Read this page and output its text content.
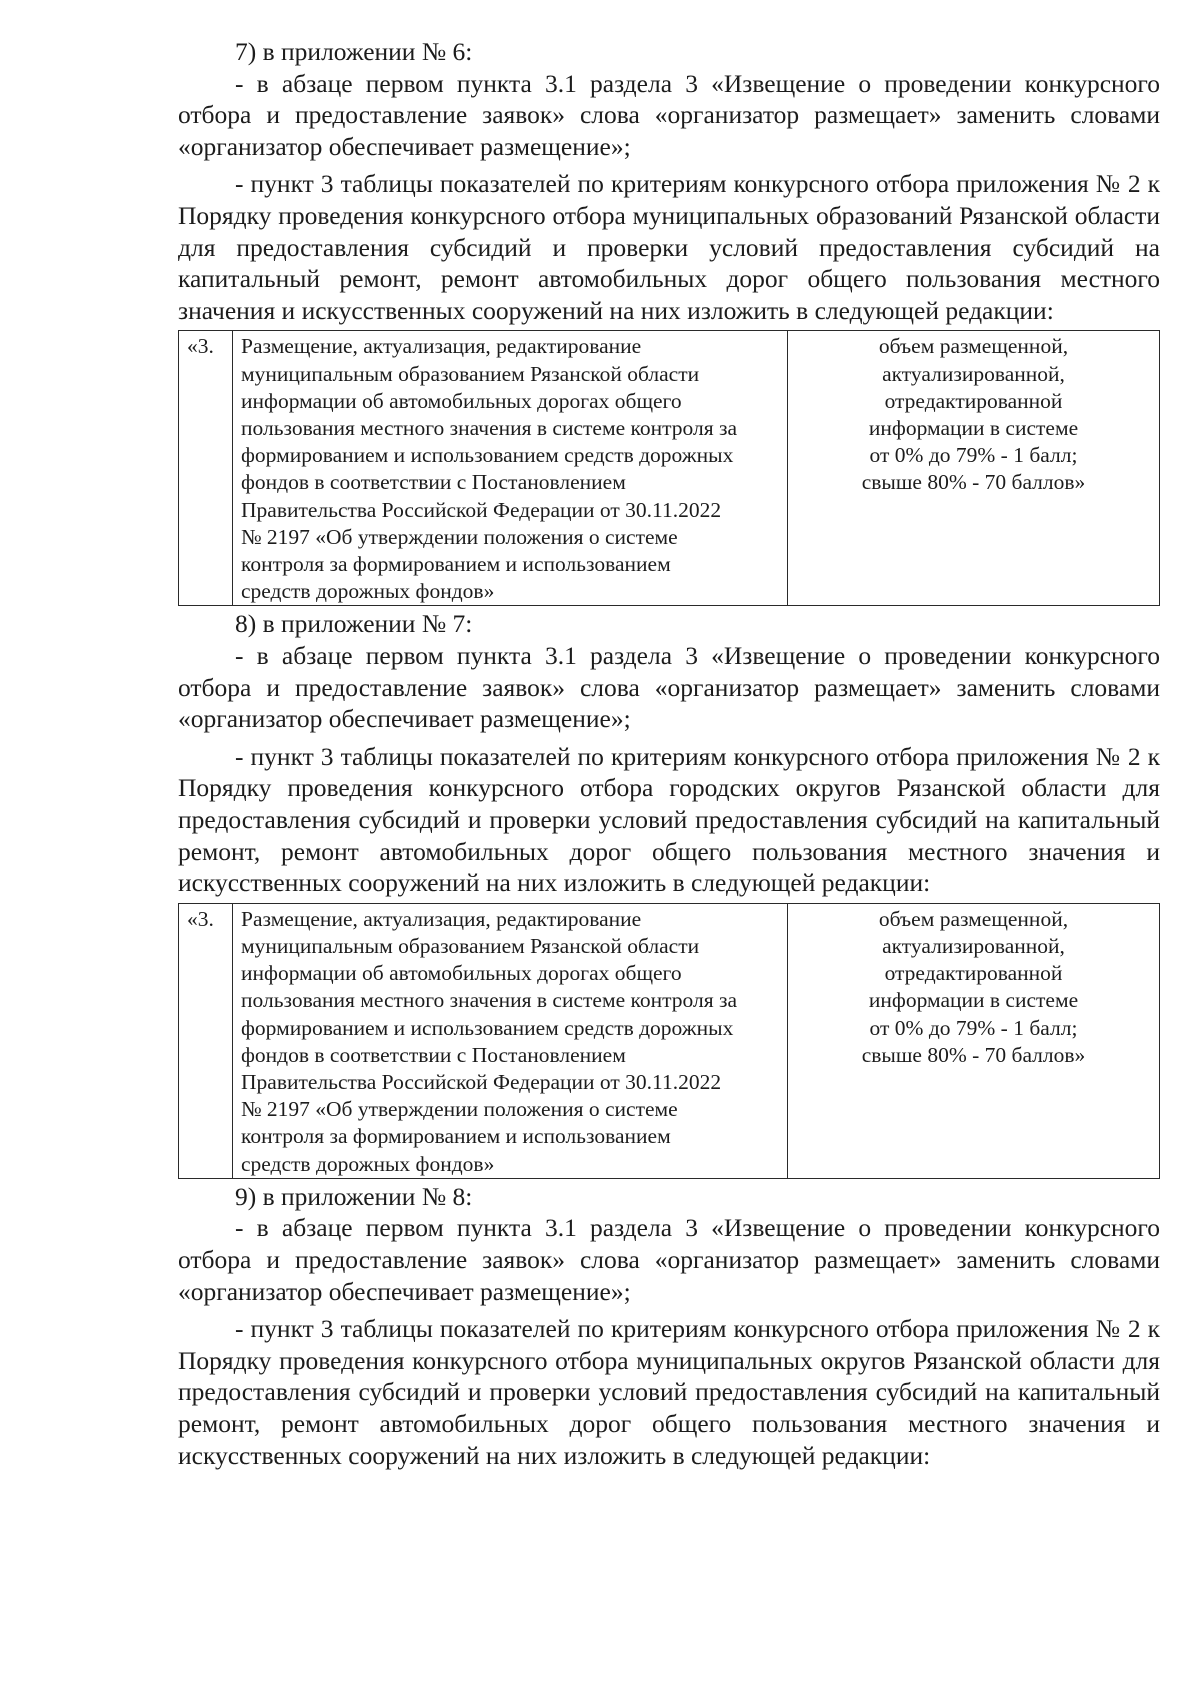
7) в приложении № 6:

- в абзаце первом пункта 3.1 раздела 3 «Извещение о проведении конкурсного отбора и предоставление заявок» слова «организатор размещает» заменить словами «организатор обеспечивает размещение»;

- пункт 3 таблицы показателей по критериям конкурсного отбора приложения № 2 к Порядку проведения конкурсного отбора муниципальных образований Рязанской области для предоставления субсидий и проверки условий предоставления субсидий на капитальный ремонт, ремонт автомобильных дорог общего пользования местного значения и искусственных сооружений на них изложить в следующей редакции:

«3.	Размещение, актуализация, редактирование
муниципальным образованием Рязанской области
информации об автомобильных дорогах общего
пользования местного значения в системе контроля за
формированием и использованием средств дорожных
фондов в соответствии с Постановлением
Правительства Российской Федерации от 30.11.2022
№ 2197 «Об утверждении положения о системе
контроля за формированием и использованием
средств дорожных фондов»	объем размещенной,
актуализированной,
отредактированной
информации в системе
от 0% до 79% - 1 балл;
свыше 80% - 70 баллов»

8) в приложении № 7:

- в абзаце первом пункта 3.1 раздела 3 «Извещение о проведении конкурсного отбора и предоставление заявок» слова «организатор размещает» заменить словами «организатор обеспечивает размещение»;

- пункт 3 таблицы показателей по критериям конкурсного отбора приложения № 2 к Порядку проведения конкурсного отбора городских округов Рязанской области для предоставления субсидий и проверки условий предоставления субсидий на капитальный ремонт, ремонт автомобильных дорог общего пользования местного значения и искусственных сооружений на них изложить в следующей редакции:

«3.	Размещение, актуализация, редактирование
муниципальным образованием Рязанской области
информации об автомобильных дорогах общего
пользования местного значения в системе контроля за
формированием и использованием средств дорожных
фондов в соответствии с Постановлением
Правительства Российской Федерации от 30.11.2022
№ 2197 «Об утверждении положения о системе
контроля за формированием и использованием
средств дорожных фондов»	объем размещенной,
актуализированной,
отредактированной
информации в системе
от 0% до 79% - 1 балл;
свыше 80% - 70 баллов»

9) в приложении № 8:

- в абзаце первом пункта 3.1 раздела 3 «Извещение о проведении конкурсного отбора и предоставление заявок» слова «организатор размещает» заменить словами «организатор обеспечивает размещение»;

- пункт 3 таблицы показателей по критериям конкурсного отбора приложения № 2 к Порядку проведения конкурсного отбора муниципальных округов Рязанской области для предоставления субсидий и проверки условий предоставления субсидий на капитальный ремонт, ремонт автомобильных дорог общего пользования местного значения и искусственных сооружений на них изложить в следующей редакции:
